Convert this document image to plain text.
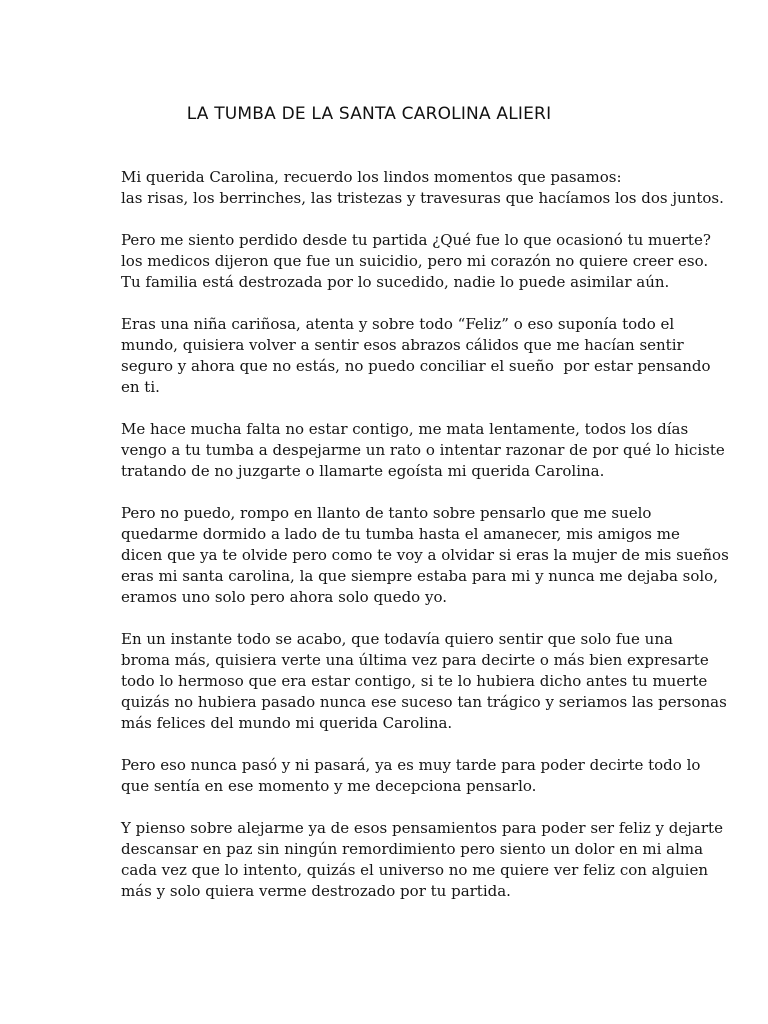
LA TUMBA DE LA SANTA CAROLINA ALIERI

Mi querida Carolina, recuerdo los lindos momentos que pasamos:
las risas, los berrinches, las tristezas y travesuras que hacíamos los dos juntos.

Pero me siento perdido desde tu partida ¿Qué fue lo que ocasionó tu muerte?
los medicos dijeron que fue un suicidio, pero mi corazón no quiere creer eso.
Tu familia está destrozada por lo sucedido, nadie lo puede asimilar aún.

Eras una niña cariñosa, atenta y sobre todo “Feliz” o eso suponía todo el
mundo, quisiera volver a sentir esos abrazos cálidos que me hacían sentir
seguro y ahora que no estás, no puedo conciliar el sueño  por estar pensando
en ti.

Me hace mucha falta no estar contigo, me mata lentamente, todos los días
vengo a tu tumba a despejarme un rato o intentar razonar de por qué lo hiciste
tratando de no juzgarte o llamarte egoísta mi querida Carolina.

Pero no puedo, rompo en llanto de tanto sobre pensarlo que me suelo
quedarme dormido a lado de tu tumba hasta el amanecer, mis amigos me
dicen que ya te olvide pero como te voy a olvidar si eras la mujer de mis sueños
eras mi santa carolina, la que siempre estaba para mi y nunca me dejaba solo,
eramos uno solo pero ahora solo quedo yo.

En un instante todo se acabo, que todavía quiero sentir que solo fue una
broma más, quisiera verte una última vez para decirte o más bien expresarte
todo lo hermoso que era estar contigo, si te lo hubiera dicho antes tu muerte
quizás no hubiera pasado nunca ese suceso tan trágico y seriamos las personas
más felices del mundo mi querida Carolina.

Pero eso nunca pasó y ni pasará, ya es muy tarde para poder decirte todo lo
que sentía en ese momento y me decepciona pensarlo.

Y pienso sobre alejarme ya de esos pensamientos para poder ser feliz y dejarte
descansar en paz sin ningún remordimiento pero siento un dolor en mi alma
cada vez que lo intento, quizás el universo no me quiere ver feliz con alguien
más y solo quiera verme destrozado por tu partida.
